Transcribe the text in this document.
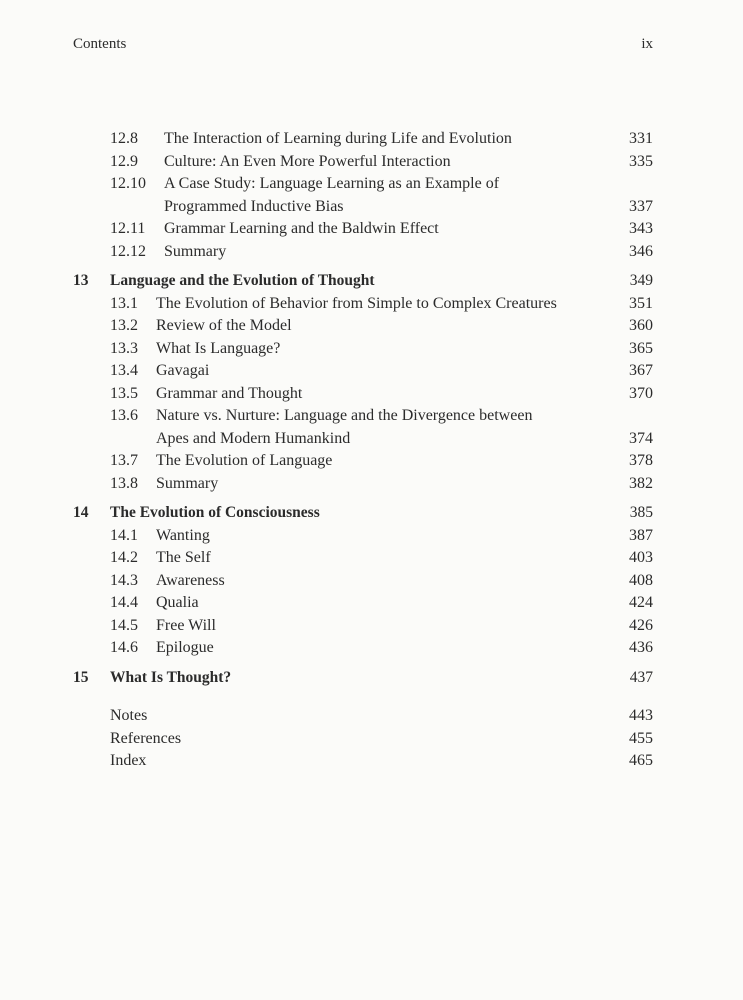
Contents	ix
12.8 The Interaction of Learning during Life and Evolution	331
12.9 Culture: An Even More Powerful Interaction	335
12.10 A Case Study: Language Learning as an Example of
Programmed Inductive Bias	337
12.11 Grammar Learning and the Baldwin Effect	343
12.12 Summary	346
13 Language and the Evolution of Thought	349
13.1 The Evolution of Behavior from Simple to Complex Creatures	351
13.2 Review of the Model	360
13.3 What Is Language?	365
13.4 Gavagai	367
13.5 Grammar and Thought	370
13.6 Nature vs. Nurture: Language and the Divergence between
Apes and Modern Humankind	374
13.7 The Evolution of Language	378
13.8 Summary	382
14 The Evolution of Consciousness	385
14.1 Wanting	387
14.2 The Self	403
14.3 Awareness	408
14.4 Qualia	424
14.5 Free Will	426
14.6 Epilogue	436
15 What Is Thought?	437
Notes	443
References	455
Index	465
